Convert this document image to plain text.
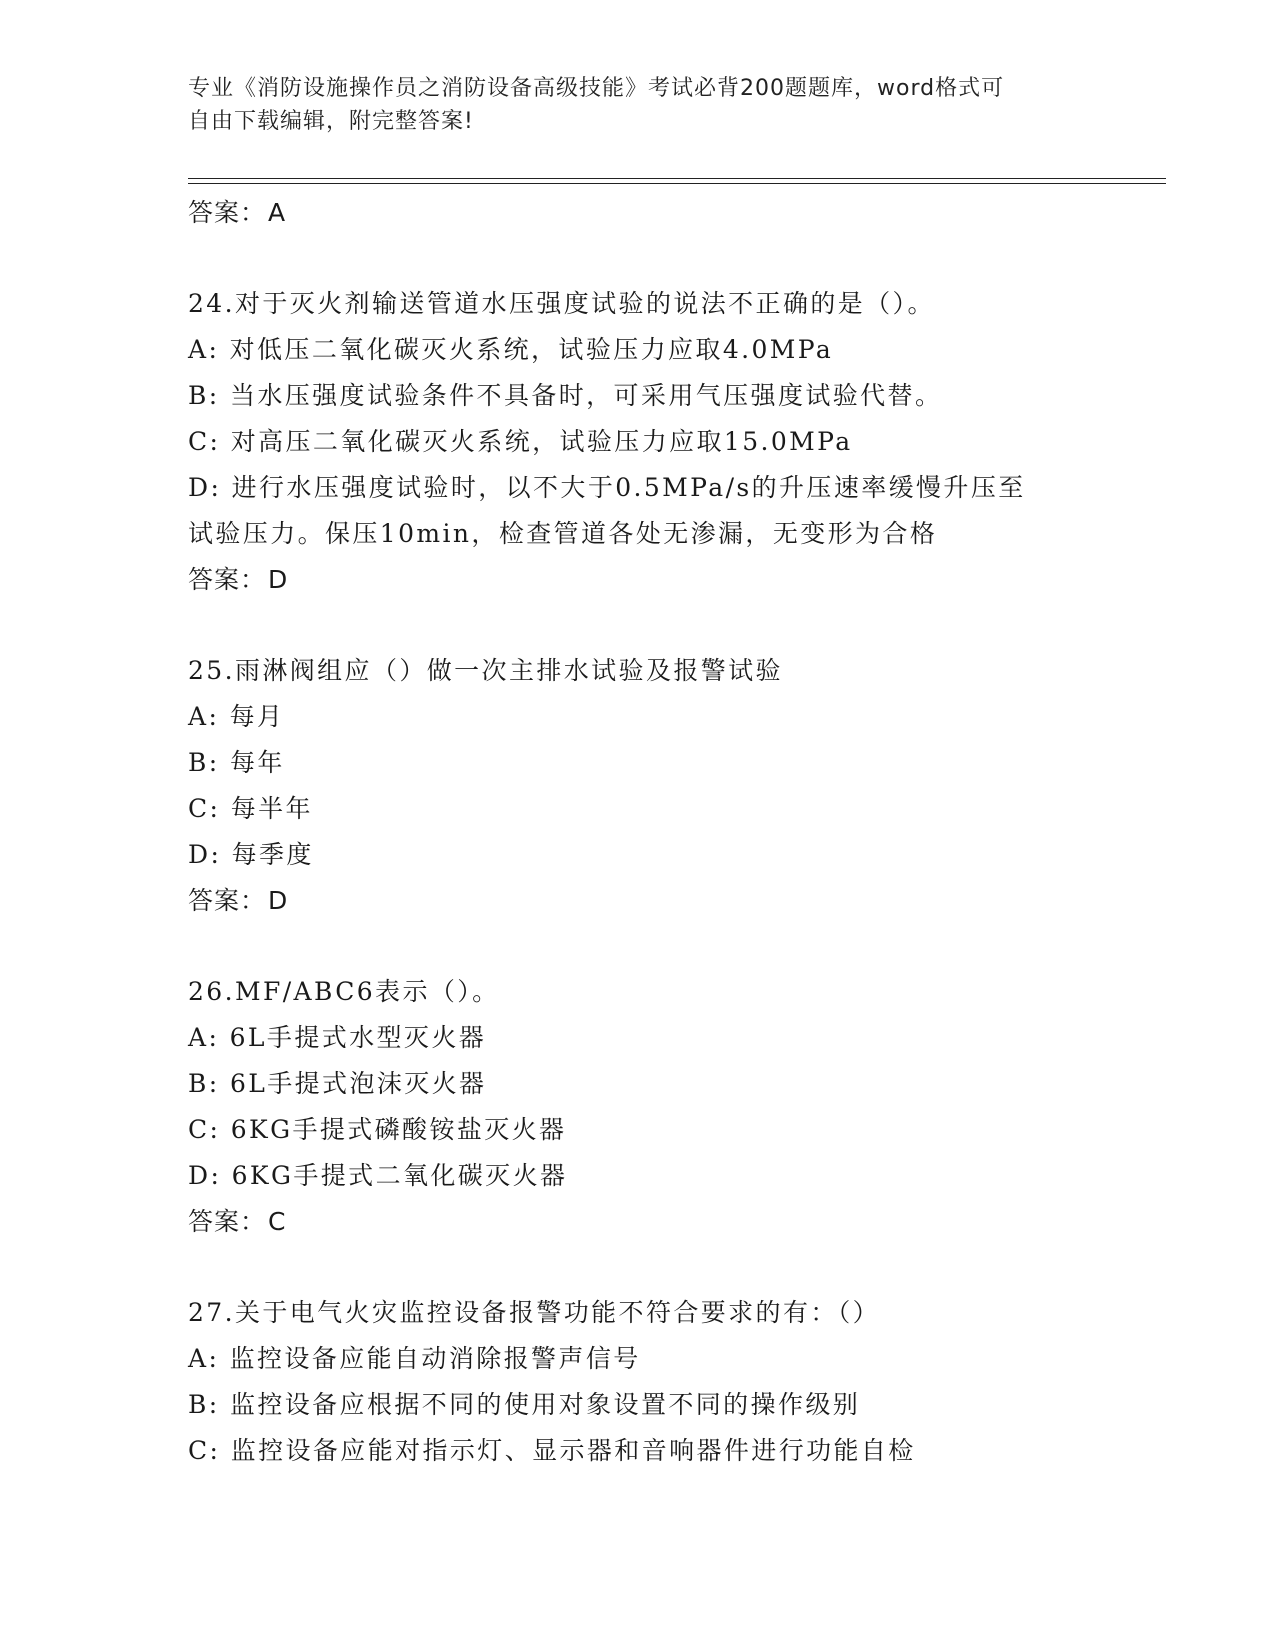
专业《消防设施操作员之消防设备高级技能》考试必背200题题库，word格式可
自由下载编辑，附完整答案!
答案：A
24.对于灭火剂输送管道水压强度试验的说法不正确的是（）。
A: 对低压二氧化碳灭火系统，试验压力应取4.0MPa
B: 当水压强度试验条件不具备时，可采用气压强度试验代替。
C: 对高压二氧化碳灭火系统，试验压力应取15.0MPa
D: 进行水压强度试验时，以不大于0.5MPa/s的升压速率缓慢升压至
试验压力。保压10min，检查管道各处无渗漏，无变形为合格
答案：D
25.雨淋阀组应（）做一次主排水试验及报警试验
A: 每月
B: 每年
C: 每半年
D: 每季度
答案：D
26.MF/ABC6表示（）。
A: 6L手提式水型灭火器
B: 6L手提式泡沫灭火器
C: 6KG手提式磷酸铵盐灭火器
D: 6KG手提式二氧化碳灭火器
答案：C
27.关于电气火灾监控设备报警功能不符合要求的有：（）
A: 监控设备应能自动消除报警声信号
B: 监控设备应根据不同的使用对象设置不同的操作级别
C: 监控设备应能对指示灯、显示器和音响器件进行功能自检
